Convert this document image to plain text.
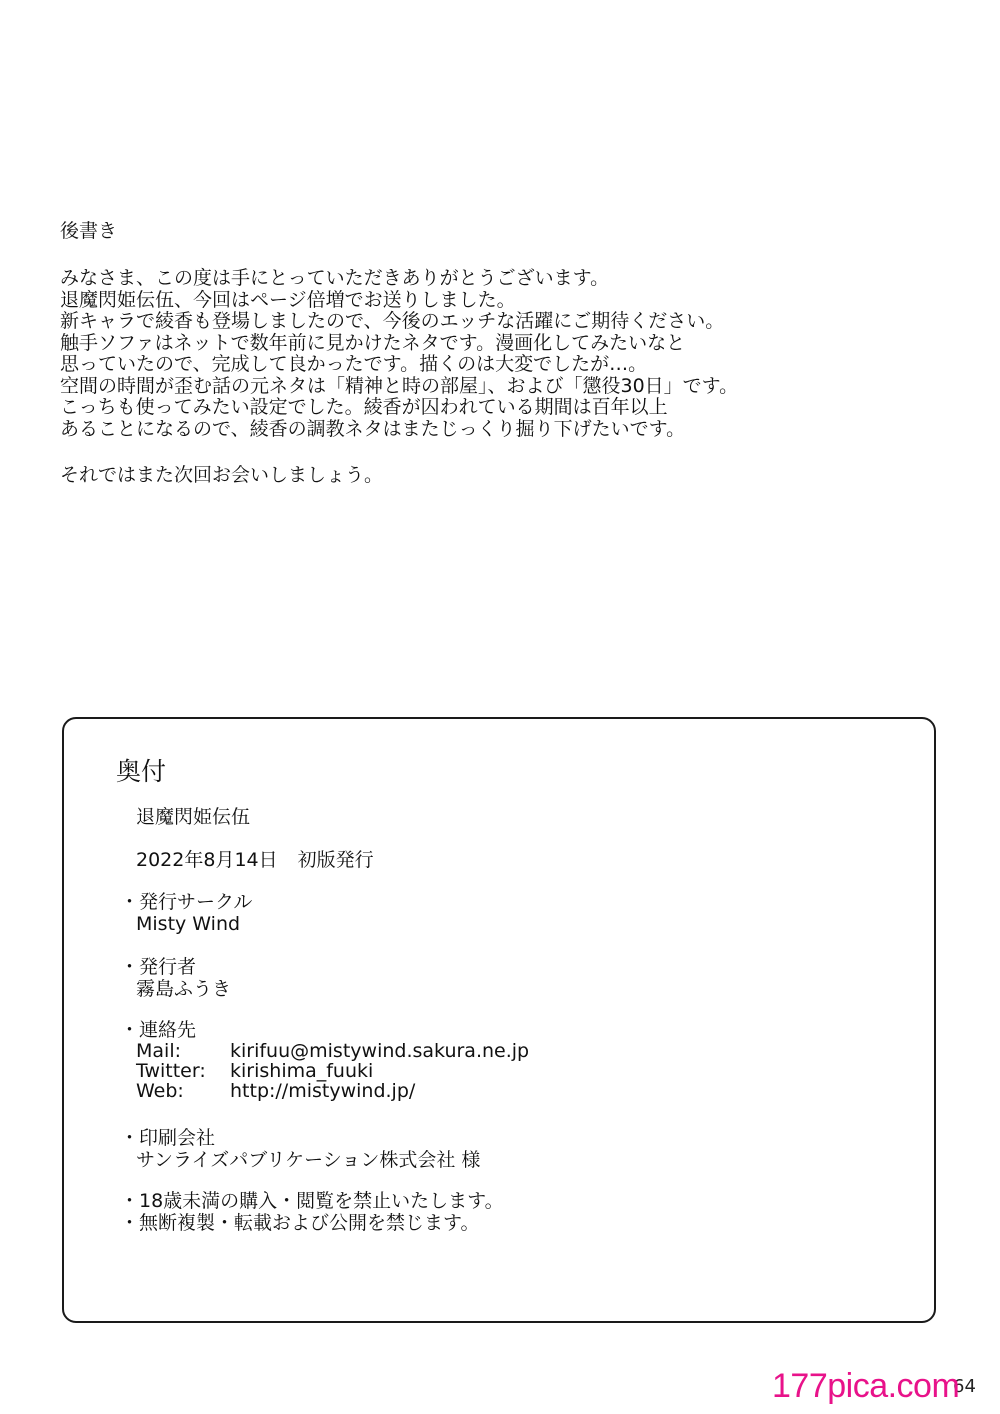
後書き

みなさま、この度は手にとっていただきありがとうございます。

退魔閃姫伝伍、今回はページ倍増でお送りしました。

新キャラで綾香も登場しましたので、今後のエッチな活躍にご期待ください。

触手ソファはネットで数年前に見かけたネタです。漫画化してみたいなと

思っていたので、完成して良かったです。描くのは大変でしたが…。

空間の時間が歪む話の元ネタは「精神と時の部屋」、および「懲役30日」です。

こっちも使ってみたい設定でした。綾香が囚われている期間は百年以上

あることになるので、綾香の調教ネタはまたじっくり掘り下げたいです。

それではまた次回お会いしましょう。

奥付

退魔閃姫伝伍
2022年8月14日 初版発行
・発行サークル
Misty Wind
・発行者
霧島ふうき
・連絡先
Mail:	kirifuu@mistywind.sakura.ne.jp
Twitter:	kirishima_fuuki
Web:	http://mistywind.jp/
・印刷会社
サンライズパブリケーション株式会社 様
・18歳未満の購入・閲覧を禁止いたします。
・無断複製・転載および公開を禁じます。
64
177pica.com
